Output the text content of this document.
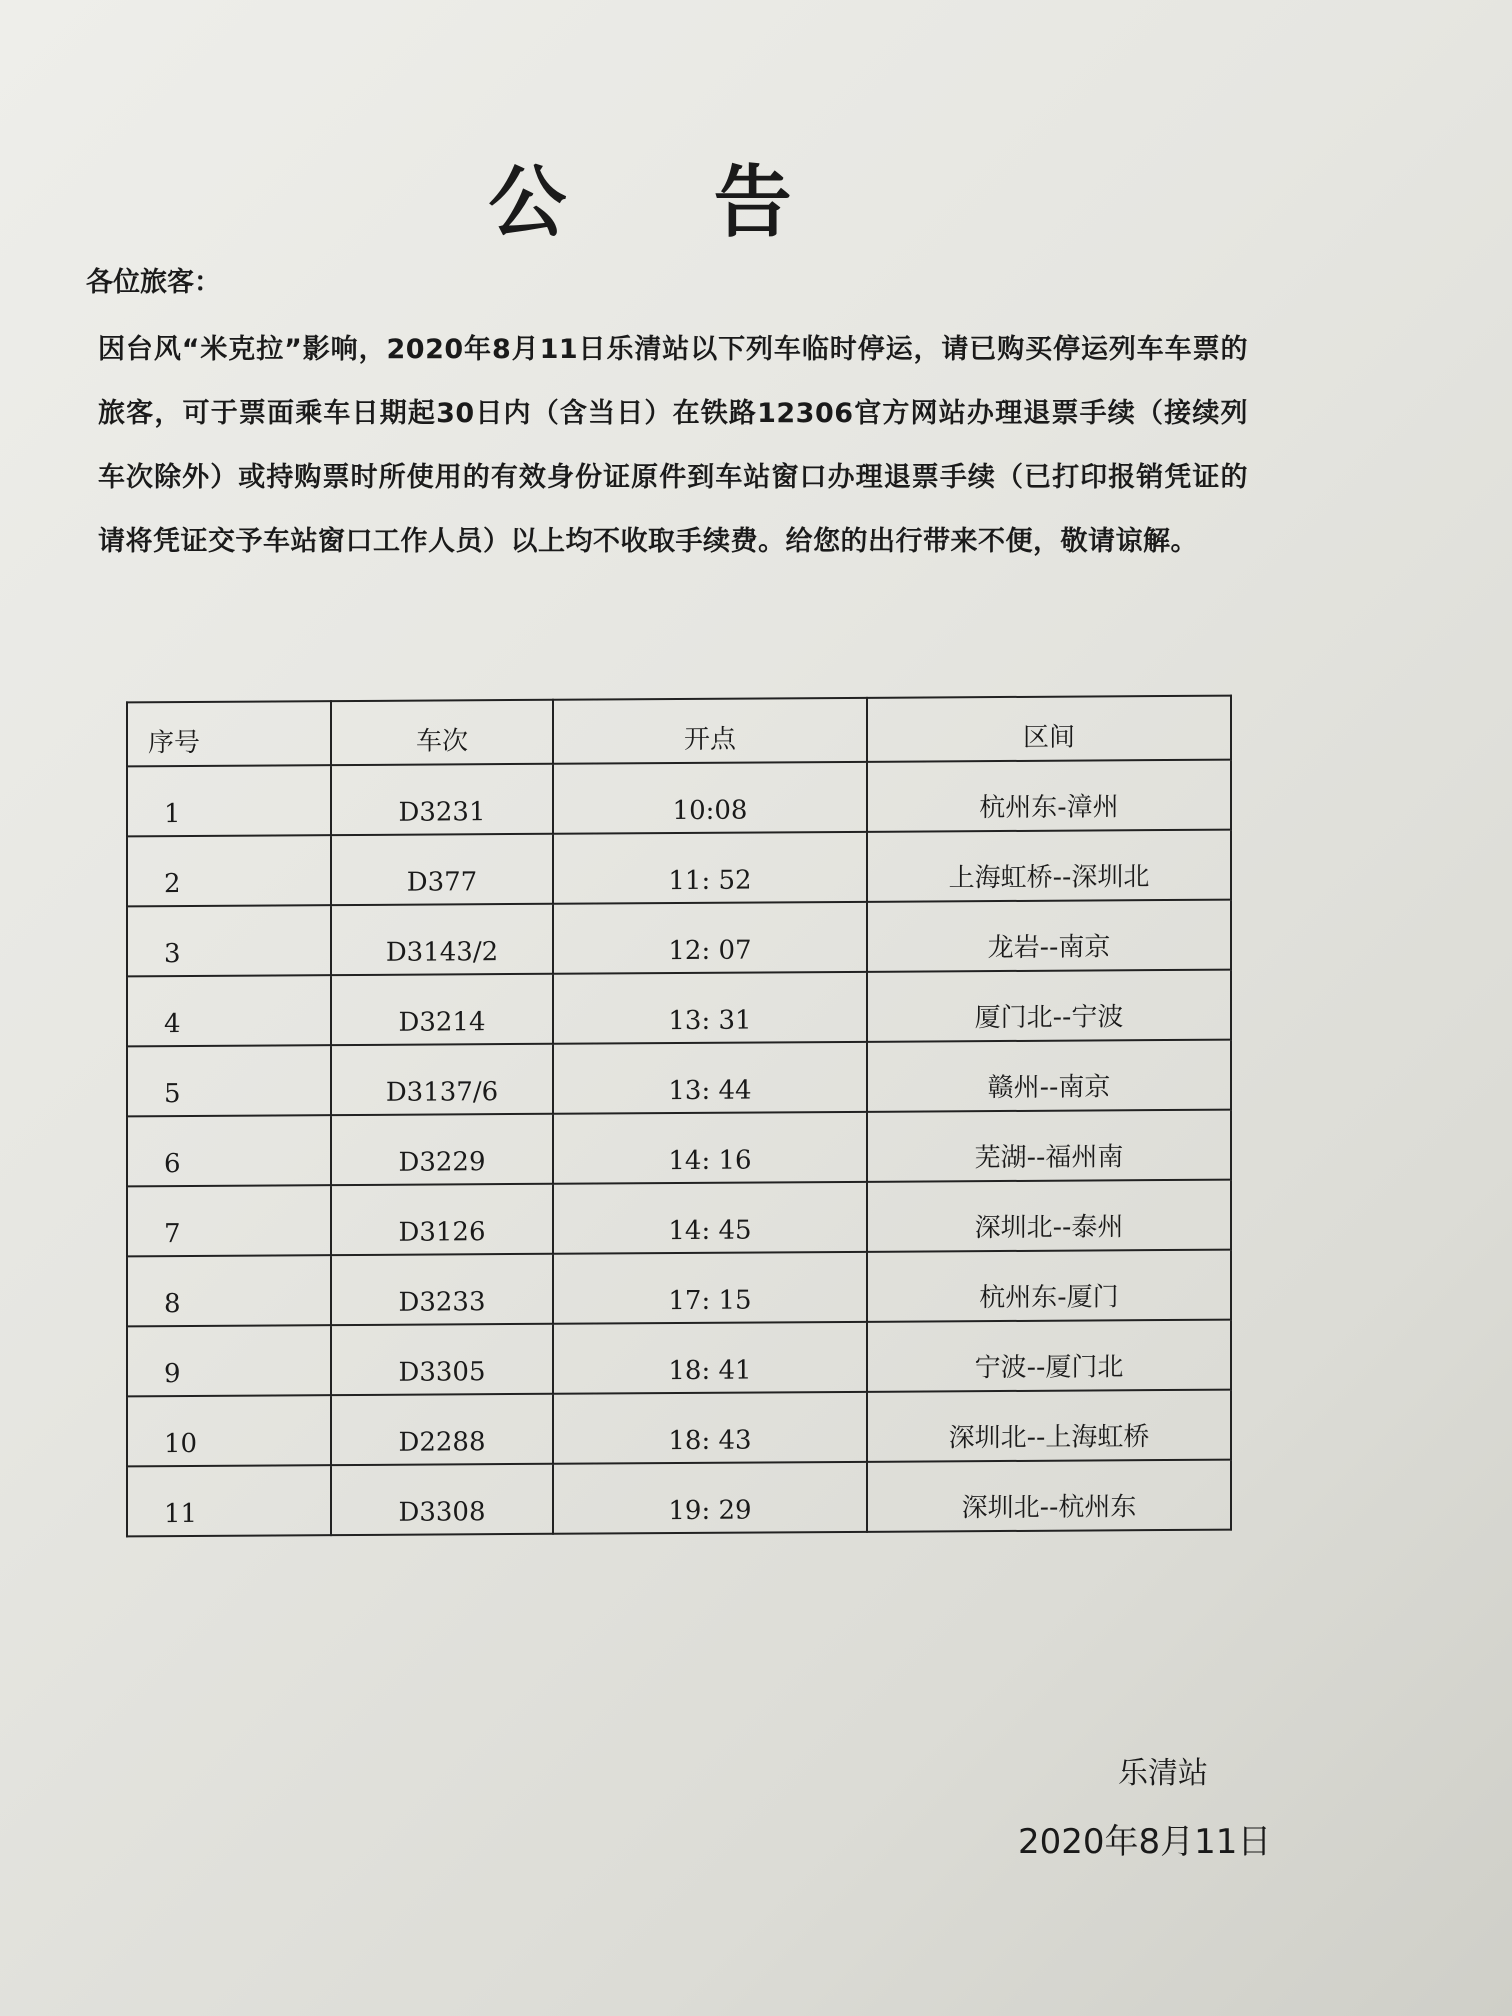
公 告
各位旅客：
因台风“米克拉”影响，2020年8月11日乐清站以下列车临时停运，请已购买停运列车车票的旅客，可于票面乘车日期起30日内（含当日）在铁路12306官方网站办理退票手续（接续列车次除外）或持购票时所使用的有效身份证原件到车站窗口办理退票手续（已打印报销凭证的请将凭证交予车站窗口工作人员）以上均不收取手续费。给您的出行带来不便，敬请谅解。
序号	车次	开点	区间
1	D3231	10:08	杭州东-漳州
2	D377	11: 52	上海虹桥--深圳北
3	D3143/2	12: 07	龙岩--南京
4	D3214	13: 31	厦门北--宁波
5	D3137/6	13: 44	赣州--南京
6	D3229	14: 16	芜湖--福州南
7	D3126	14: 45	深圳北--泰州
8	D3233	17: 15	杭州东-厦门
9	D3305	18: 41	宁波--厦门北
10	D2288	18: 43	深圳北--上海虹桥
11	D3308	19: 29	深圳北--杭州东
乐清站
2020年8月11日
